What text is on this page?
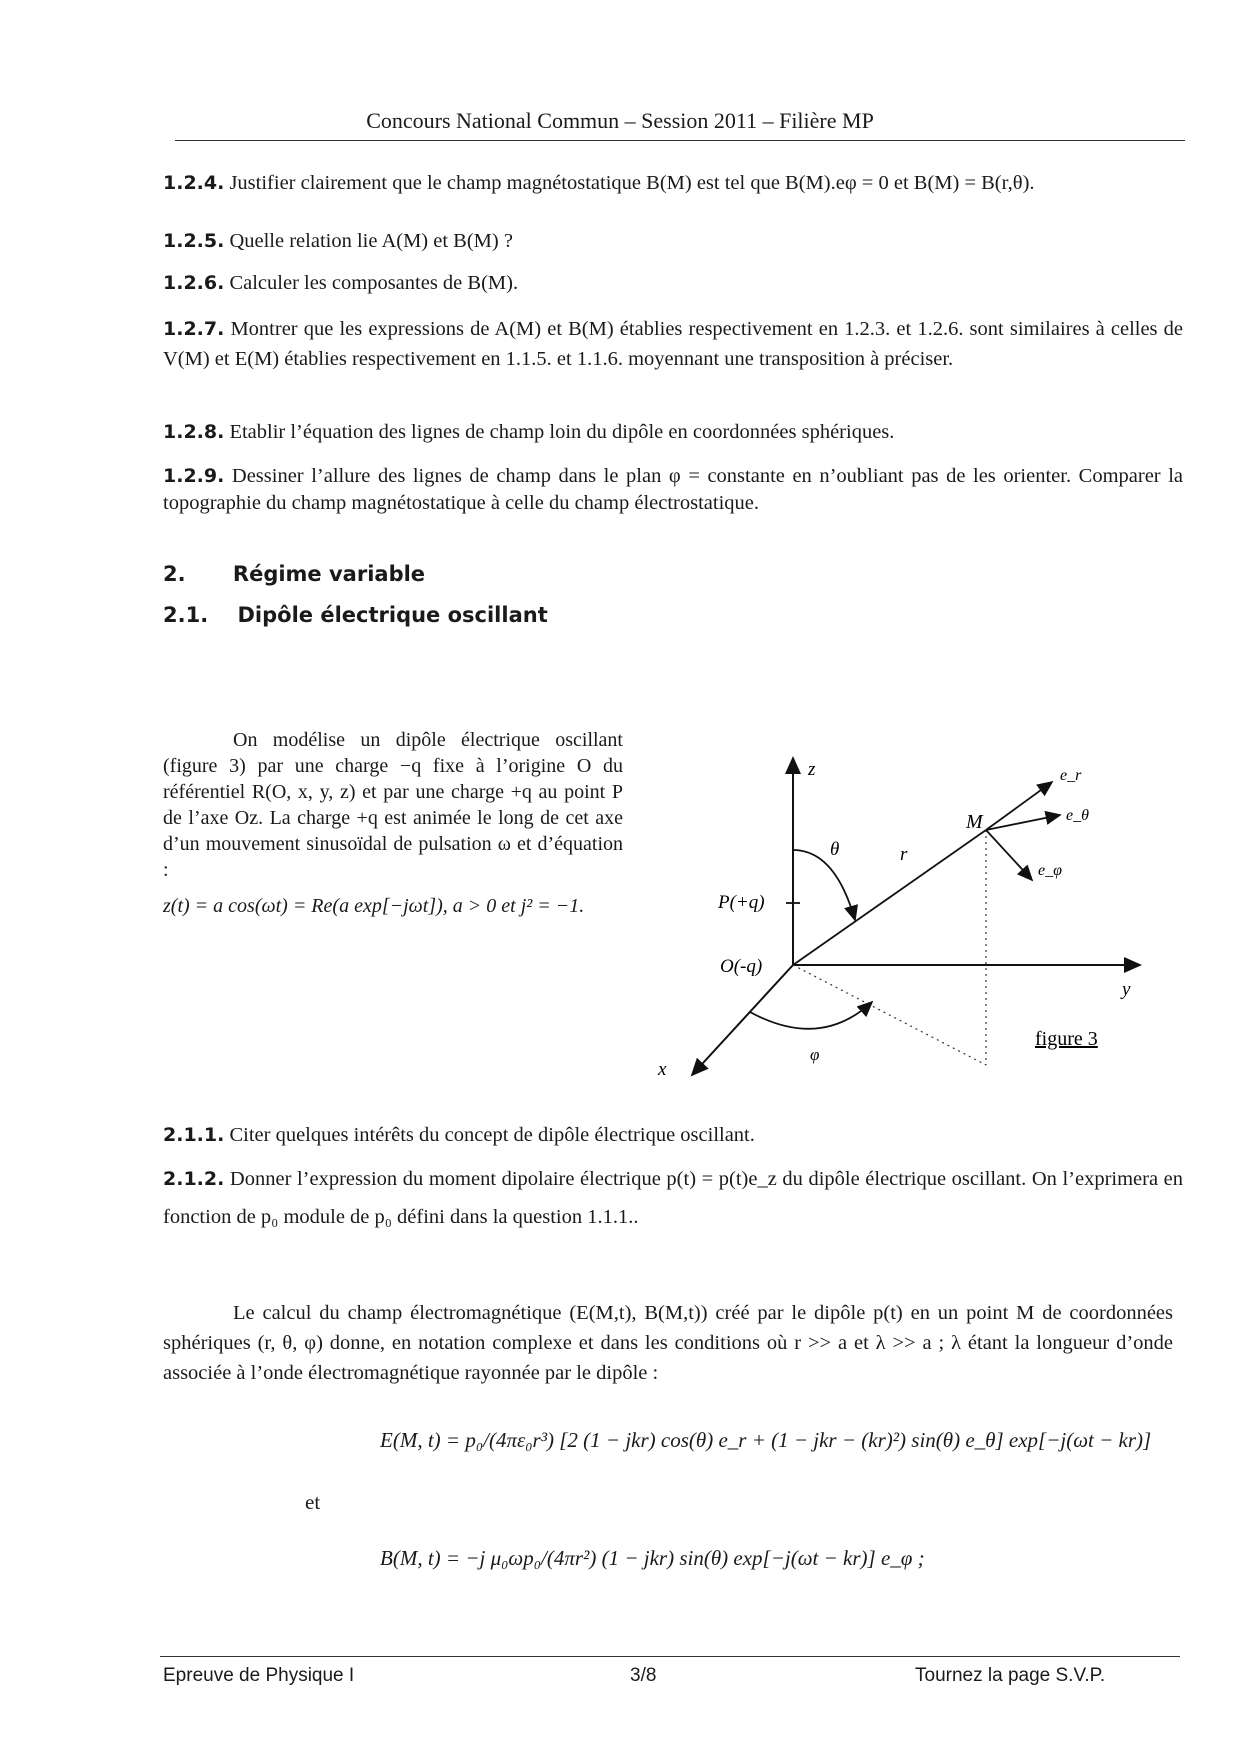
Concours National Commun – Session 2011 – Filière MP
1.2.4. Justifier clairement que le champ magnétostatique B(M) est tel que B(M).eφ = 0 et B(M) = B(r,θ).
1.2.5. Quelle relation lie A(M) et B(M) ?
1.2.6. Calculer les composantes de B(M).
1.2.7. Montrer que les expressions de A(M) et B(M) établies respectivement en 1.2.3. et 1.2.6. sont similaires à celles de V(M) et E(M) établies respectivement en 1.1.5. et 1.1.6. moyennant une transposition à préciser.
1.2.8. Etablir l’équation des lignes de champ loin du dipôle en coordonnées sphériques.
1.2.9. Dessiner l’allure des lignes de champ dans le plan φ = constante en n’oubliant pas de les orienter. Comparer la topographie du champ magnétostatique à celle du champ électrostatique.
2. Régime variable
2.1. Dipôle électrique oscillant
On modélise un dipôle électrique oscillant (figure 3) par une charge −q fixe à l’origine O du référentiel R(O, x, y, z) et par une charge +q au point P de l’axe Oz. La charge +q est animée le long de cet axe d’un mouvement sinusoïdal de pulsation ω et d’équation :
z(t) = a cos(ωt) = Re(a exp[−jωt]), a > 0 et j² = −1.
z
y
x
M
P(+q)
O(-q)
r
θ
φ
e_r
e_θ
e_φ
figure 3
2.1.1. Citer quelques intérêts du concept de dipôle électrique oscillant.
2.1.2. Donner l’expression du moment dipolaire électrique p(t) = p(t)e_z du dipôle électrique oscillant. On l’exprimera en fonction de p₀ module de p₀ défini dans la question 1.1.1..
Le calcul du champ électromagnétique (E(M,t), B(M,t)) créé par le dipôle p(t) en un point M de coordonnées sphériques (r, θ, φ) donne, en notation complexe et dans les conditions où r >> a et λ >> a ; λ étant la longueur d’onde associée à l’onde électromagnétique rayonnée par le dipôle :
E(M, t) = p₀/(4πε₀r³) [2 (1 − jkr) cos(θ) e_r + (1 − jkr − (kr)²) sin(θ) e_θ] exp[−j(ωt − kr)]
et
B(M, t) = −j μ₀ωp₀/(4πr²) (1 − jkr) sin(θ) exp[−j(ωt − kr)] e_φ ;
Epreuve de Physique I	3/8	Tournez la page S.V.P.
